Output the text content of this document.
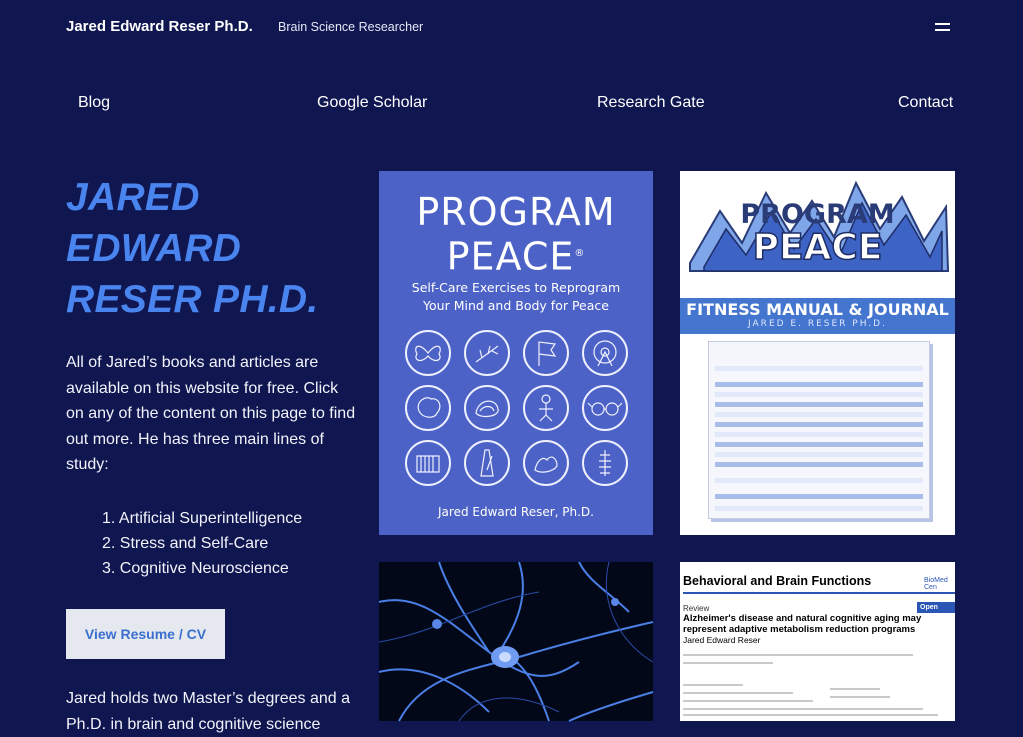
Jared Edward Reser Ph.D. Brain Science Researcher
Blog	Google Scholar	Research Gate	Contact
JARED
EDWARD
RESER PH.D.

All of Jared’s books and articles are available on this website for free. Click on any of the content on this page to find out more. He has three main lines of study:

1. Artificial Superintelligence
2. Stress and Self-Care
3. Cognitive Neuroscience
View Resume / CV

Jared holds two Master’s degrees and a Ph.D. in brain and cognitive science

PROGRAM
PEACE®
Self-Care Exercises to Reprogram
Your Mind and Body for Peace
Jared Edward Reser, Ph.D.
PROGRAM
PEACE
FITNESS MANUAL & JOURNAL
JARED E. RESER PH.D.
Behavioral and Brain Functions	BioMed Cen
Review	Open Acce
Alzheimer's disease and natural cognitive aging may represent adaptive metabolism reduction programs
Jared Edward Reser
